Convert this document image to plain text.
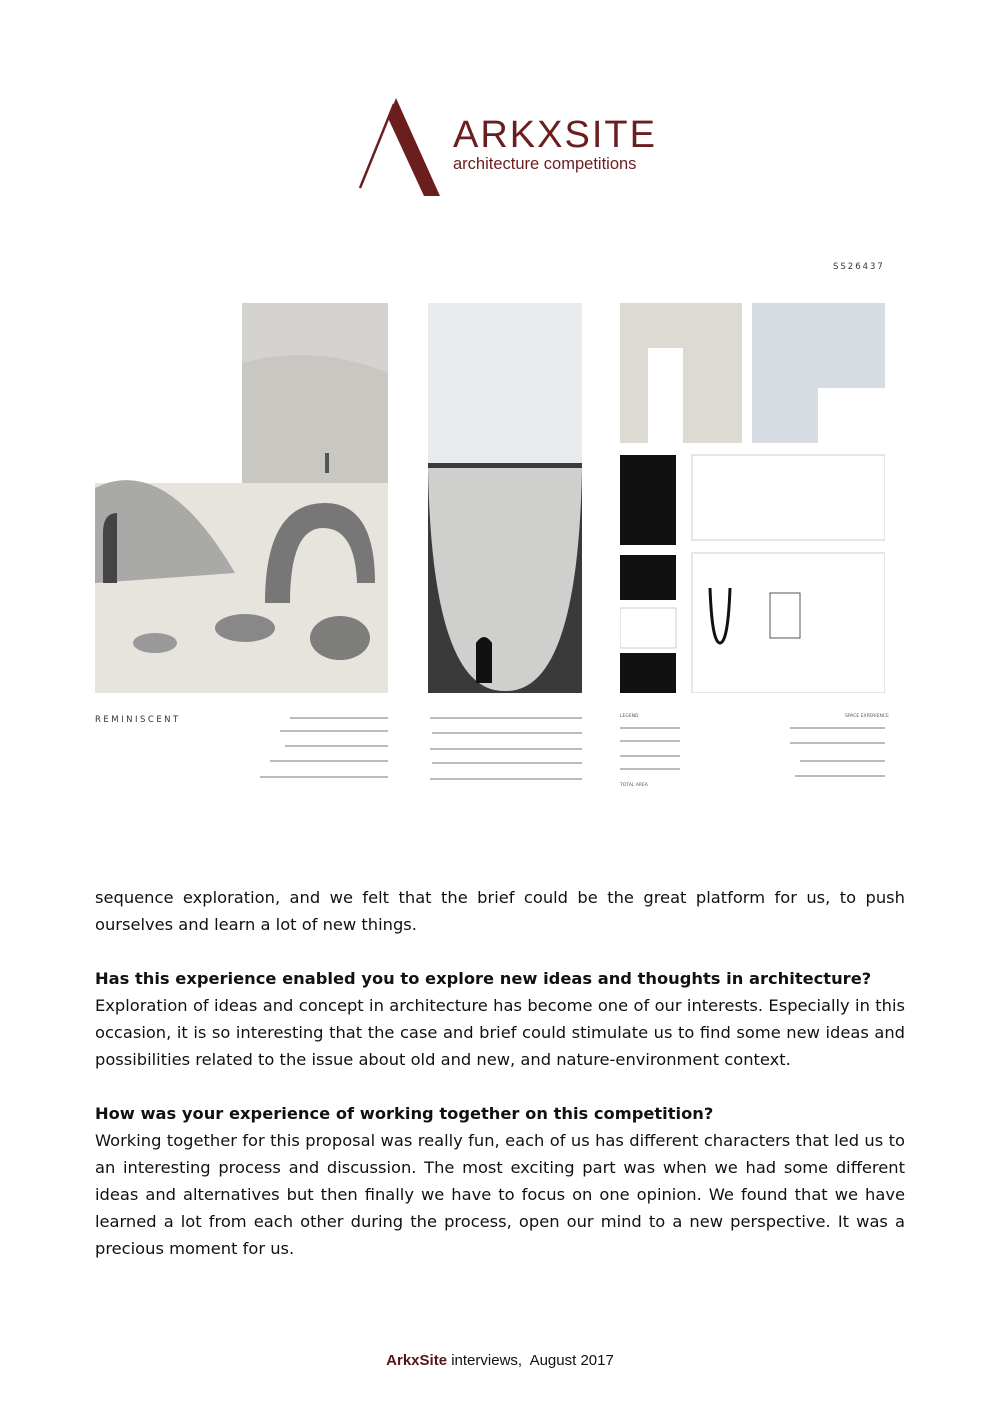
ARKXSITE
architecture competitions
SS26437
REMINISCENT	LEGEND	SPACE EXPERIENCE
TOTAL AREA

sequence exploration, and we felt that the brief could be the great platform for us, to push ourselves and learn a lot of new things.

Has this experience enabled you to explore new ideas and thoughts in architecture?
Exploration of ideas and concept in architecture has become one of our interests. Especially in this occasion, it is so interesting that the case and brief could stimulate us to find some new ideas and possibilities related to the issue about old and new, and nature-environment context.

How was your experience of working together on this competition?
Working together for this proposal was really fun, each of us has different characters that led us to an interesting process and discussion. The most exciting part was when we had some different ideas and alternatives but then finally we have to focus on one opinion. We found that we have learned a lot from each other during the process, open our mind to a new perspective. It was a precious moment for us.

ArkxSite interviews,  August 2017
